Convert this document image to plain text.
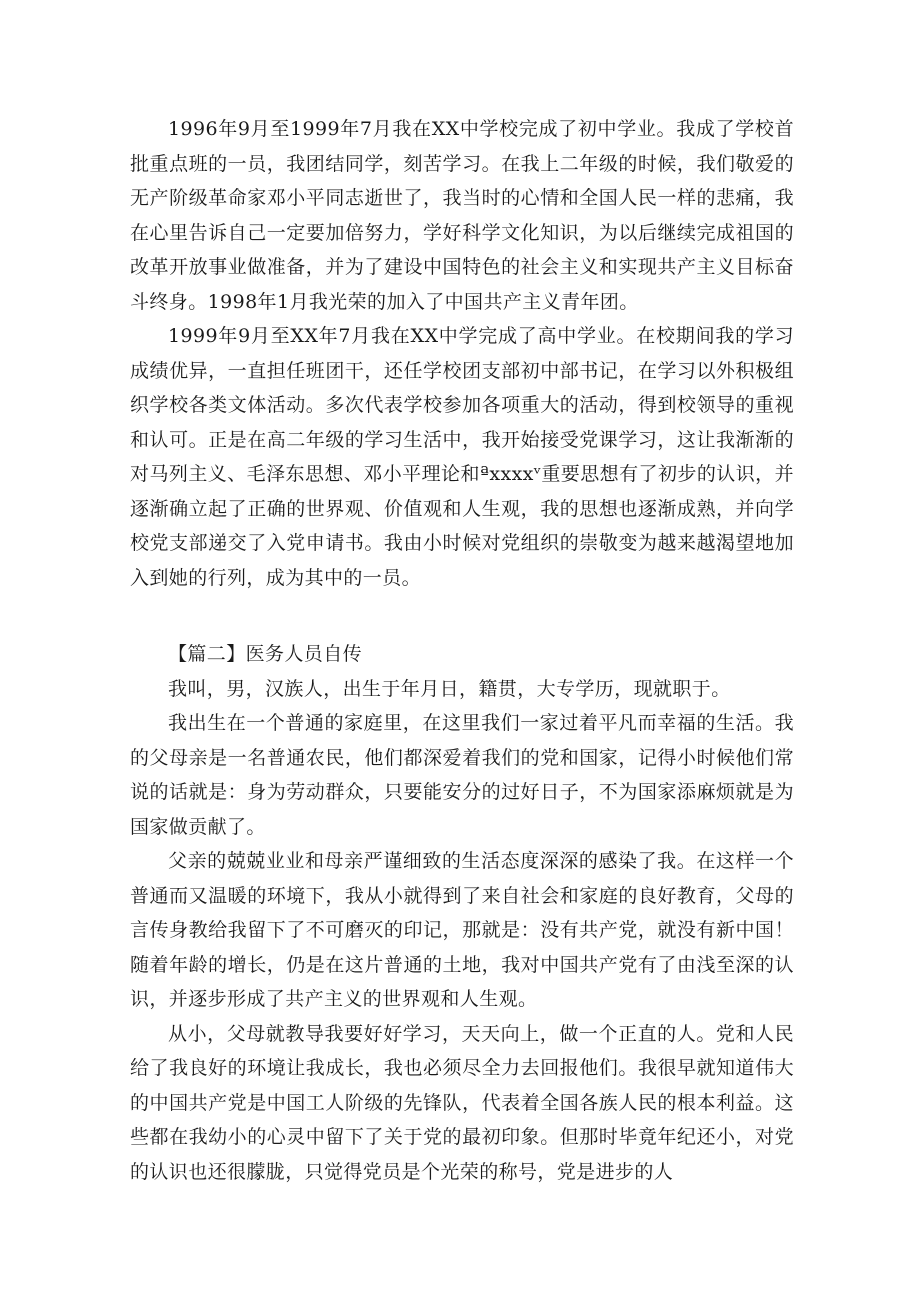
1996年9月至1999年7月我在XX中学校完成了初中学业。我成了学校首批重点班的一员，我团结同学，刻苦学习。在我上二年级的时候，我们敬爱的无产阶级革命家邓小平同志逝世了，我当时的心情和全国人民一样的悲痛，我在心里告诉自己一定要加倍努力，学好科学文化知识，为以后继续完成祖国的改革开放事业做准备，并为了建设中国特色的社会主义和实现共产主义目标奋斗终身。1998年1月我光荣的加入了中国共产主义青年团。

1999年9月至XX年7月我在XX中学完成了高中学业。在校期间我的学习成绩优异，一直担任班团干，还任学校团支部初中部书记，在学习以外积极组织学校各类文体活动。多次代表学校参加各项重大的活动，得到校领导的重视和认可。正是在高二年级的学习生活中，我开始接受党课学习，这让我渐渐的对马列主义、毛泽东思想、邓小平理论和ªxxxxᵛ重要思想有了初步的认识，并逐渐确立起了正确的世界观、价值观和人生观，我的思想也逐渐成熟，并向学校党支部递交了入党申请书。我由小时候对党组织的崇敬变为越来越渴望地加入到她的行列，成为其中的一员。

【篇二】医务人员自传

我叫，男，汉族人，出生于年月日，籍贯，大专学历，现就职于。

我出生在一个普通的家庭里，在这里我们一家过着平凡而幸福的生活。我的父母亲是一名普通农民，他们都深爱着我们的党和国家，记得小时候他们常说的话就是：身为劳动群众，只要能安分的过好日子，不为国家添麻烦就是为国家做贡献了。

父亲的兢兢业业和母亲严谨细致的生活态度深深的感染了我。在这样一个普通而又温暖的环境下，我从小就得到了来自社会和家庭的良好教育，父母的言传身教给我留下了不可磨灭的印记，那就是：没有共产党，就没有新中国！随着年龄的增长，仍是在这片普通的土地，我对中国共产党有了由浅至深的认识，并逐步形成了共产主义的世界观和人生观。

从小，父母就教导我要好好学习，天天向上，做一个正直的人。党和人民给了我良好的环境让我成长，我也必须尽全力去回报他们。我很早就知道伟大的中国共产党是中国工人阶级的先锋队，代表着全国各族人民的根本利益。这些都在我幼小的心灵中留下了关于党的最初印象。但那时毕竟年纪还小，对党的认识也还很朦胧，只觉得党员是个光荣的称号，党是进步的人
